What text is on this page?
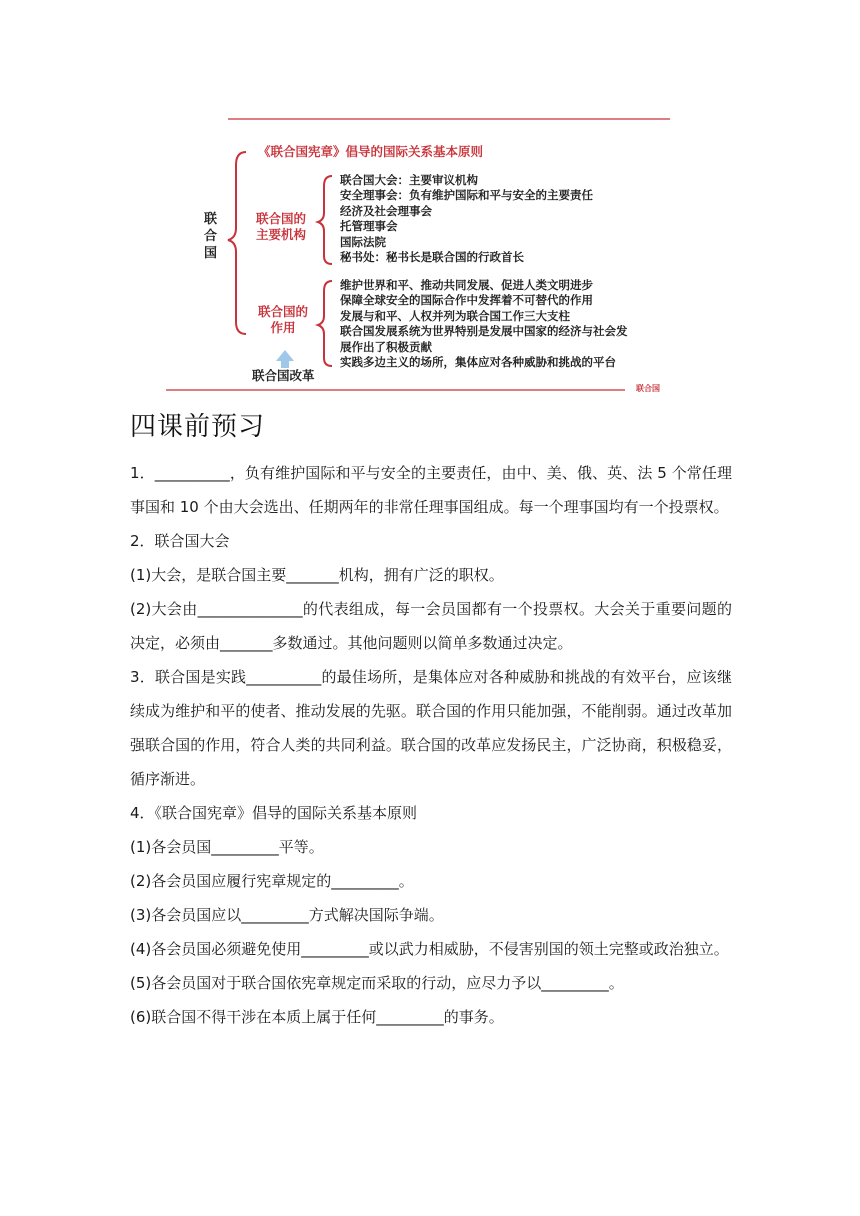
《联合国宪章》倡导的国际关系基本原则
联
合
国
联合国的
主要机构
联合国大会：主要审议机构
安全理事会：负有维护国际和平与安全的主要责任
经济及社会理事会
托管理事会
国际法院
秘书处：秘书长是联合国的行政首长
联合国的
作用
维护世界和平、推动共同发展、促进人类文明进步
保障全球安全的国际合作中发挥着不可替代的作用
发展与和平、人权并列为联合国工作三大支柱
联合国发展系统为世界特别是发展中国家的经济与社会发
展作出了积极贡献
实践多边主义的场所，集体应对各种威胁和挑战的平台
联合国改革
联合国
四课前预习

1．__________，负有维护国际和平与安全的主要责任，由中、美、俄、英、法 5 个常任理事国和 10 个由大会选出、任期两年的非常任理事国组成。每一个理事国均有一个投票权。

2．联合国大会

(1)大会，是联合国主要_______机构，拥有广泛的职权。

(2)大会由______________的代表组成，每一会员国都有一个投票权。大会关于重要问题的决定，必须由_______多数通过。其他问题则以简单多数通过决定。

3．联合国是实践__________的最佳场所，是集体应对各种威胁和挑战的有效平台，应该继续成为维护和平的使者、推动发展的先驱。联合国的作用只能加强，不能削弱。通过改革加强联合国的作用，符合人类的共同利益。联合国的改革应发扬民主，广泛协商，积极稳妥，循序渐进。

4．《联合国宪章》倡导的国际关系基本原则

(1)各会员国_________平等。

(2)各会员国应履行宪章规定的_________。

(3)各会员国应以_________方式解决国际争端。

(4)各会员国必须避免使用_________或以武力相威胁，不侵害别国的领土完整或政治独立。

(5)各会员国对于联合国依宪章规定而采取的行动，应尽力予以_________。

(6)联合国不得干涉在本质上属于任何_________的事务。
